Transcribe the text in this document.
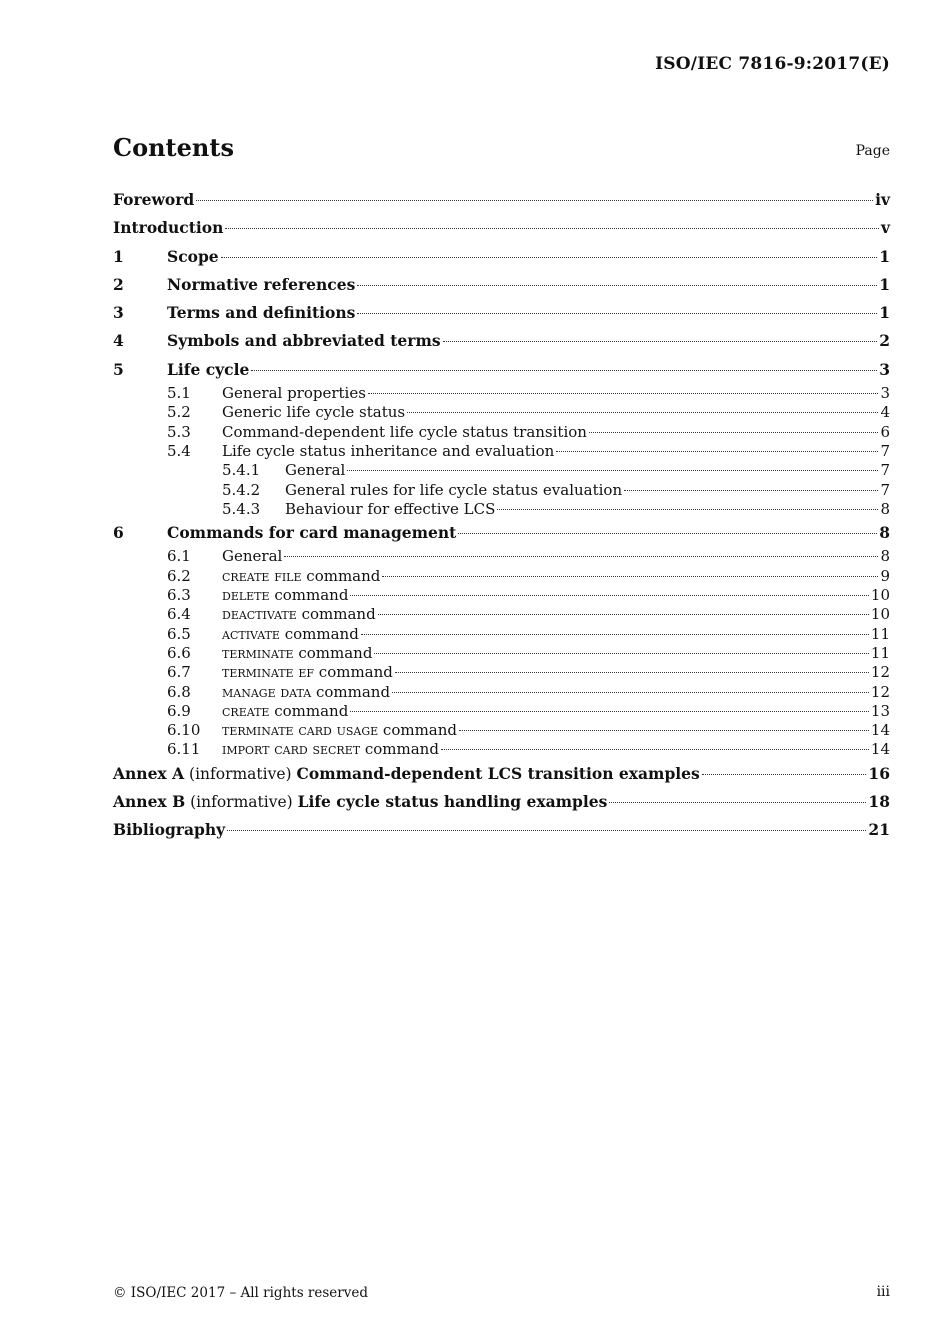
ISO/IEC 7816-9:2017(E)
Contents	Page
Foreword	iv
Introduction	v
1	Scope	1
2	Normative references	1
3	Terms and definitions	1
4	Symbols and abbreviated terms	2
5	Life cycle	3
5.1	General properties	3
5.2	Generic life cycle status	4
5.3	Command-dependent life cycle status transition	6
5.4	Life cycle status inheritance and evaluation	7
5.4.1	General	7
5.4.2	General rules for life cycle status evaluation	7
5.4.3	Behaviour for effective LCS	8
6	Commands for card management	8
6.1	General	8
6.2	create file command	9
6.3	delete command	10
6.4	deactivate command	10
6.5	activate command	11
6.6	terminate command	11
6.7	terminate ef command	12
6.8	manage data command	12
6.9	create command	13
6.10	terminate card usage command	14
6.11	import card secret command	14
Annex A (informative) Command-dependent LCS transition examples	16
Annex B (informative) Life cycle status handling examples	18
Bibliography	21
© ISO/IEC 2017 – All rights reserved	iii
